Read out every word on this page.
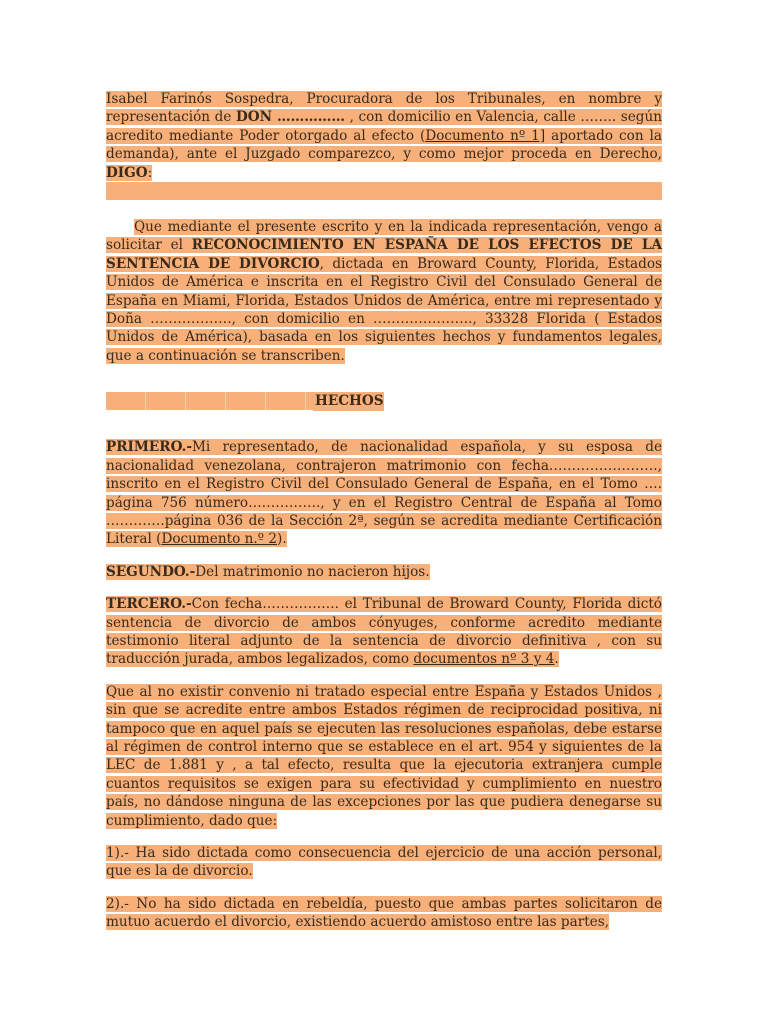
Isabel Farinós Sospedra, Procuradora de los Tribunales, en nombre y representación de DON …………… , con domicilio en Valencia, calle …….. según acredito mediante Poder otorgado al efecto (Documento nº 1] aportado con la demanda), ante el Juzgado comparezco, y como mejor proceda en Derecho, DIGO:

Que mediante el presente escrito y en la indicada representación, vengo a solicitar el RECONOCIMIENTO EN ESPAÑA DE LOS EFECTOS DE LA SENTENCIA DE DIVORCIO, dictada en Broward County, Florida, Estados Unidos de América e inscrita en el Registro Civil del Consulado General de España en Miami, Florida, Estados Unidos de América, entre mi representado y Doña ………………, con domicilio en …………………., 33328 Florida ( Estados Unidos de América), basada en los siguientes hechos y fundamentos legales, que a continuación se transcriben.

HECHOS

PRIMERO.-Mi representado, de nacionalidad española, y su esposa de nacionalidad venezolana, contrajeron matrimonio con fecha……………………, inscrito en el Registro Civil del Consulado General de España, en el Tomo …. página 756 número……………., y en el Registro Central de España al Tomo ………….página 036 de la Sección 2ª, según se acredita mediante Certificación Literal (Documento n.º 2).

SEGUNDO.-Del matrimonio no nacieron hijos.

TERCERO.-Con fecha…………….. el Tribunal de Broward County, Florida dictó sentencia de divorcio de ambos cónyuges, conforme acredito mediante testimonio literal adjunto de la sentencia de divorcio definitiva , con su traducción jurada, ambos legalizados, como documentos nº 3 y 4.

Que al no existir convenio ni tratado especial entre España y Estados Unidos , sin que se acredite entre ambos Estados régimen de reciprocidad positiva, ni tampoco que en aquel país se ejecuten las resoluciones españolas, debe estarse al régimen de control interno que se establece en el art. 954 y siguientes de la LEC de 1.881 y , a tal efecto, resulta que la ejecutoria extranjera cumple cuantos requisitos se exigen para su efectividad y cumplimiento en nuestro país, no dándose ninguna de las excepciones por las que pudiera denegarse su cumplimiento, dado que:

1).- Ha sido dictada como consecuencia del ejercicio de una acción personal, que es la de divorcio.

2).- No ha sido dictada en rebeldía, puesto que ambas partes solicitaron de mutuo acuerdo el divorcio, existiendo acuerdo amistoso entre las partes,
